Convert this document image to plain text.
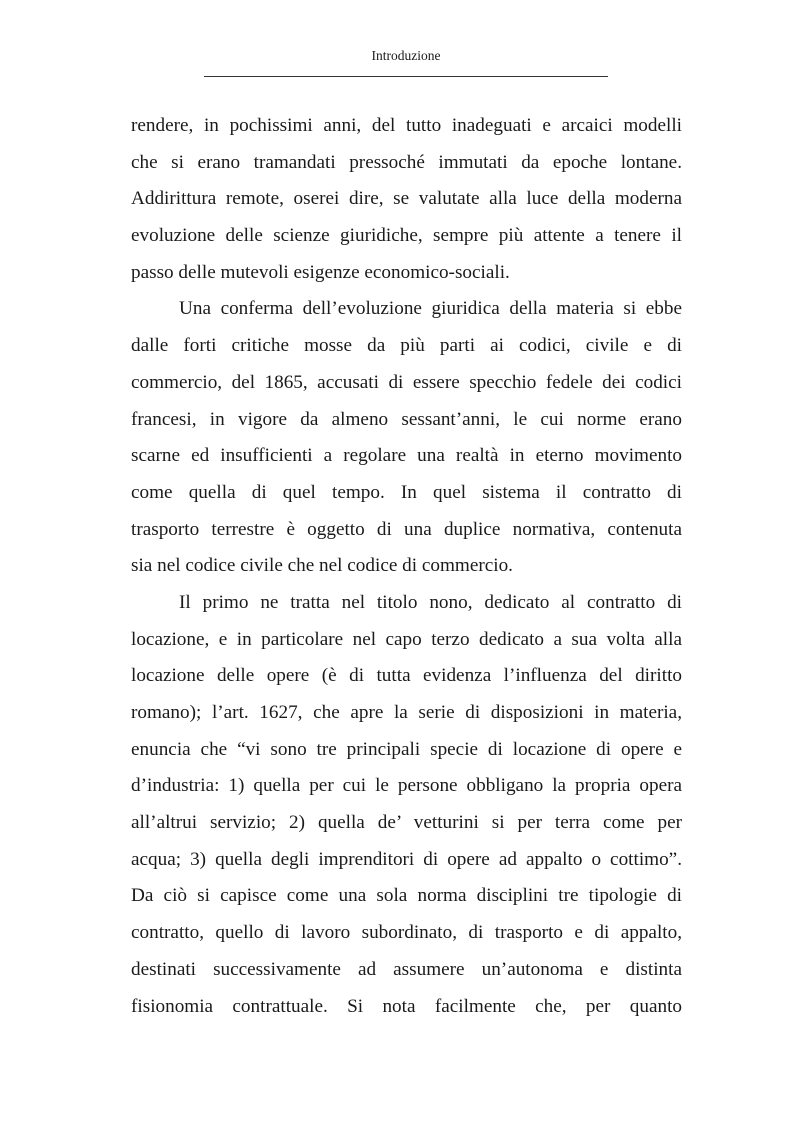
Introduzione
rendere, in pochissimi anni, del tutto inadeguati e arcaici modelli
che si erano tramandati pressoché immutati da epoche lontane.
Addirittura remote, oserei dire, se valutate alla luce della moderna
evoluzione delle scienze giuridiche, sempre più attente a tenere il
passo delle mutevoli esigenze economico-sociali.
Una conferma dell’evoluzione giuridica della materia si ebbe
dalle forti critiche mosse da più parti ai codici, civile e di
commercio, del 1865, accusati di essere specchio fedele dei codici
francesi, in vigore da almeno sessant’anni, le cui norme erano
scarne ed insufficienti a regolare una realtà in eterno movimento
come quella di quel tempo. In quel sistema il contratto di
trasporto terrestre è oggetto di una duplice normativa, contenuta
sia nel codice civile che nel codice di commercio.
Il primo ne tratta nel titolo nono, dedicato al contratto di
locazione, e in particolare nel capo terzo dedicato a sua volta alla
locazione delle opere (è di tutta evidenza l’influenza del diritto
romano); l’art. 1627, che apre la serie di disposizioni in materia,
enuncia che “vi sono tre principali specie di locazione di opere e
d’industria: 1) quella per cui le persone obbligano la propria opera
all’altrui servizio; 2) quella de’ vetturini si per terra come per
acqua; 3) quella degli imprenditori di opere ad appalto o cottimo”.
Da ciò si capisce come una sola norma disciplini tre tipologie di
contratto, quello di lavoro subordinato, di trasporto e di appalto,
destinati successivamente ad assumere un’autonoma e distinta
fisionomia contrattuale. Si nota facilmente che, per quanto
